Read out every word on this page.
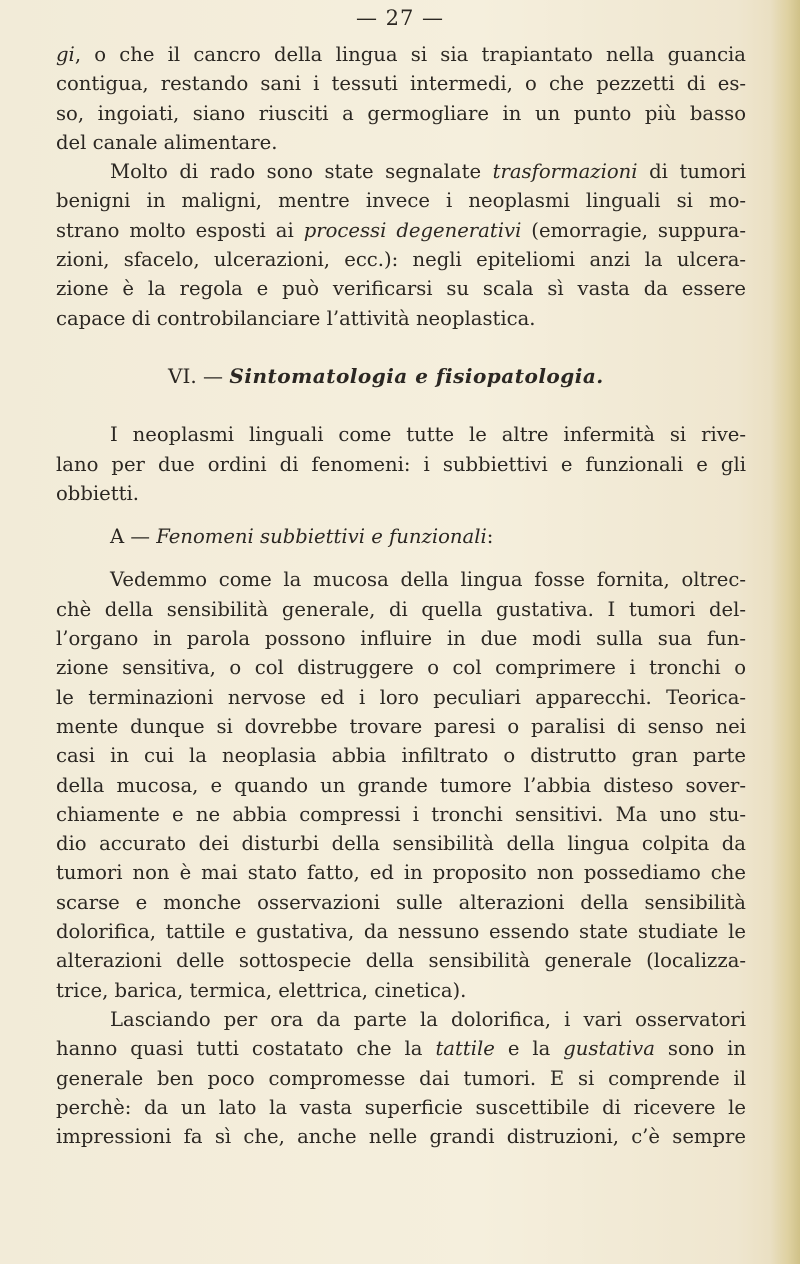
— 27 —
gi, o che il cancro della lingua si sia trapiantato nella guancia
contigua, restando sani i tessuti intermedi, o che pezzetti di es-
so, ingoiati, siano riusciti a germogliare in un punto più basso
del canale alimentare.
Molto di rado sono state segnalate trasformazioni di tumori
benigni in maligni, mentre invece i neoplasmi linguali si mo-
strano molto esposti ai processi degenerativi (emorragie, suppura-
zioni, sfacelo, ulcerazioni, ecc.): negli epiteliomi anzi la ulcera-
zione è la regola e può verificarsi su scala sì vasta da essere
capace di controbilanciare l’attività neoplastica.
VI. — Sintomatologia e fisiopatologia.
I neoplasmi linguali come tutte le altre infermità si rive-
lano per due ordini di fenomeni: i subbiettivi e funzionali e gli
obbietti.
A — Fenomeni subbiettivi e funzionali:
Vedemmo come la mucosa della lingua fosse fornita, oltrec-
chè della sensibilità generale, di quella gustativa. I tumori del-
l’organo in parola possono influire in due modi sulla sua fun-
zione sensitiva, o col distruggere o col comprimere i tronchi o
le terminazioni nervose ed i loro peculiari apparecchi. Teorica-
mente dunque si dovrebbe trovare paresi o paralisi di senso nei
casi in cui la neoplasia abbia infiltrato o distrutto gran parte
della mucosa, e quando un grande tumore l’abbia disteso sover-
chiamente e ne abbia compressi i tronchi sensitivi. Ma uno stu-
dio accurato dei disturbi della sensibilità della lingua colpita da
tumori non è mai stato fatto, ed in proposito non possediamo che
scarse e monche osservazioni sulle alterazioni della sensibilità
dolorifica, tattile e gustativa, da nessuno essendo state studiate le
alterazioni delle sottospecie della sensibilità generale (localizza-
trice, barica, termica, elettrica, cinetica).
Lasciando per ora da parte la dolorifica, i vari osservatori
hanno quasi tutti costatato che la tattile e la gustativa sono in
generale ben poco compromesse dai tumori. E si comprende il
perchè: da un lato la vasta superficie suscettibile di ricevere le
impressioni fa sì che, anche nelle grandi distruzioni, c’è sempre
